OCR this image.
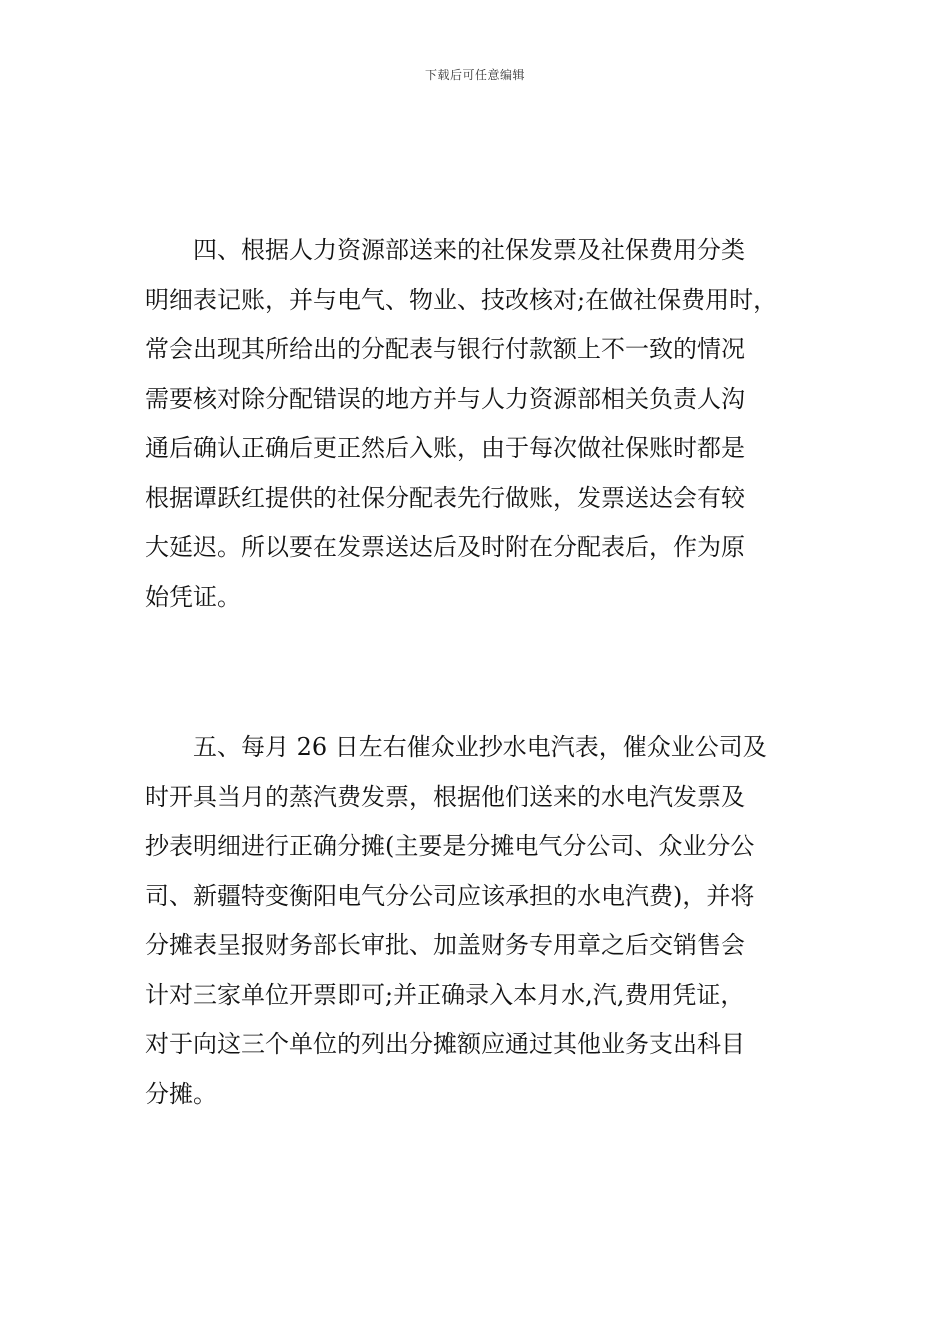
下载后可任意编辑
四、根据人力资源部送来的社保发票及社保费用分类
明细表记账，并与电气、物业、技改核对;在做社保费用时，
常会出现其所给出的分配表与银行付款额上不一致的情况
需要核对除分配错误的地方并与人力资源部相关负责人沟
通后确认正确后更正然后入账，由于每次做社保账时都是
根据谭跃红提供的社保分配表先行做账，发票送达会有较
大延迟。所以要在发票送达后及时附在分配表后，作为原
始凭证。
五、每月 26 日左右催众业抄水电汽表，催众业公司及
时开具当月的蒸汽费发票，根据他们送来的水电汽发票及
抄表明细进行正确分摊(主要是分摊电气分公司、众业分公
司、新疆特变衡阳电气分公司应该承担的水电汽费)，并将
分摊表呈报财务部长审批、加盖财务专用章之后交销售会
计对三家单位开票即可;并正确录入本月水,汽,费用凭证，
对于向这三个单位的列出分摊额应通过其他业务支出科目
分摊。
